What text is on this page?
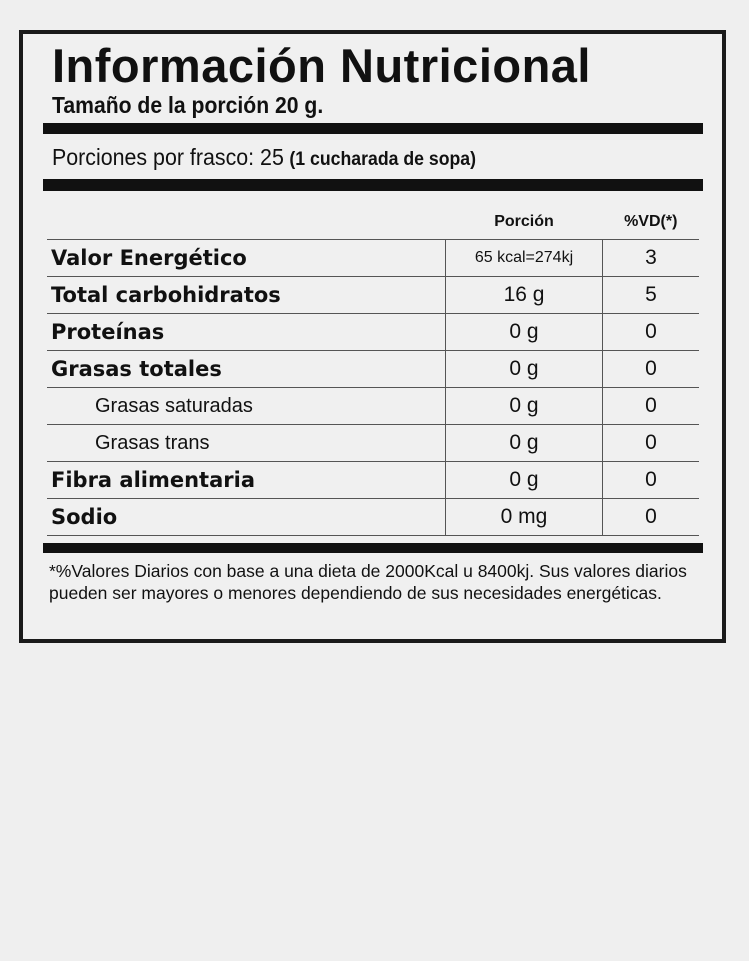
Información Nutricional
Tamaño de la porción 20 g.
Porciones por frasco: 25 (1 cucharada de sopa)
	Porción	%VD(*)
Valor Energético	65 kcal=274kj	3
Total carbohidratos	16 g	5
Proteínas	0 g	0
Grasas totales	0 g	0
Grasas saturadas	0 g	0
Grasas trans	0 g	0
Fibra alimentaria	0 g	0
Sodio	0 mg	0
*%Valores Diarios con base a una dieta de 2000Kcal u 8400kj. Sus valores diarios pueden ser mayores o menores dependiendo de sus necesidades energéticas.
